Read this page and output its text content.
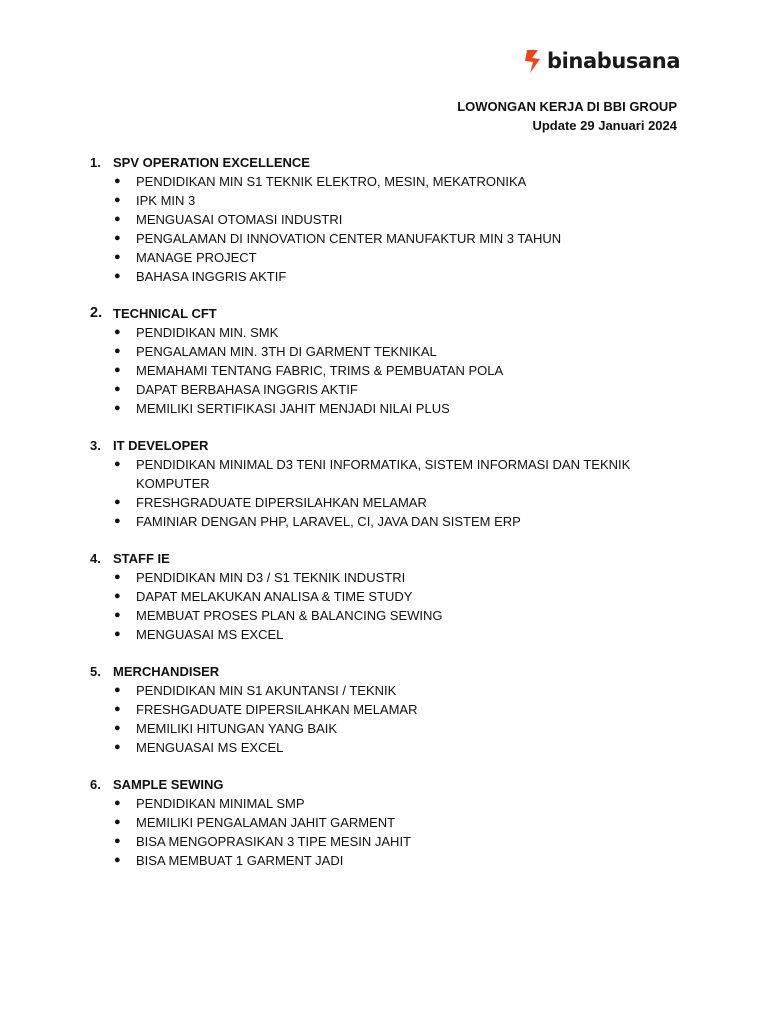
binabusana
LOWONGAN KERJA DI BBI GROUP
Update 29 Januari 2024
1. SPV OPERATION EXCELLENCE
●	PENDIDIKAN MIN S1 TEKNIK ELEKTRO, MESIN, MEKATRONIKA
●	IPK MIN 3
●	MENGUASAI OTOMASI INDUSTRI
●	PENGALAMAN DI INNOVATION CENTER MANUFAKTUR MIN 3 TAHUN
●	MANAGE PROJECT
●	BAHASA INGGRIS AKTIF
2. TECHNICAL CFT
●	PENDIDIKAN MIN. SMK
●	PENGALAMAN MIN. 3TH DI GARMENT TEKNIKAL
●	MEMAHAMI TENTANG FABRIC, TRIMS & PEMBUATAN POLA
●	DAPAT BERBAHASA INGGRIS AKTIF
●	MEMILIKI SERTIFIKASI JAHIT MENJADI NILAI PLUS
3. IT DEVELOPER
●	PENDIDIKAN MINIMAL D3 TENI INFORMATIKA, SISTEM INFORMASI DAN TEKNIK KOMPUTER
●	FRESHGRADUATE DIPERSILAHKAN MELAMAR
●	FAMINIAR DENGAN PHP, LARAVEL, CI, JAVA DAN SISTEM ERP
4. STAFF IE
●	PENDIDIKAN MIN D3 / S1 TEKNIK INDUSTRI
●	DAPAT MELAKUKAN ANALISA & TIME STUDY
●	MEMBUAT PROSES PLAN & BALANCING SEWING
●	MENGUASAI MS EXCEL
5. MERCHANDISER
●	PENDIDIKAN MIN S1 AKUNTANSI / TEKNIK
●	FRESHGADUATE DIPERSILAHKAN MELAMAR
●	MEMILIKI HITUNGAN YANG BAIK
●	MENGUASAI MS EXCEL
6. SAMPLE SEWING
●	PENDIDIKAN MINIMAL SMP
●	MEMILIKI PENGALAMAN JAHIT GARMENT
●	BISA MENGOPRASIKAN 3 TIPE MESIN JAHIT
●	BISA MEMBUAT 1 GARMENT JADI
